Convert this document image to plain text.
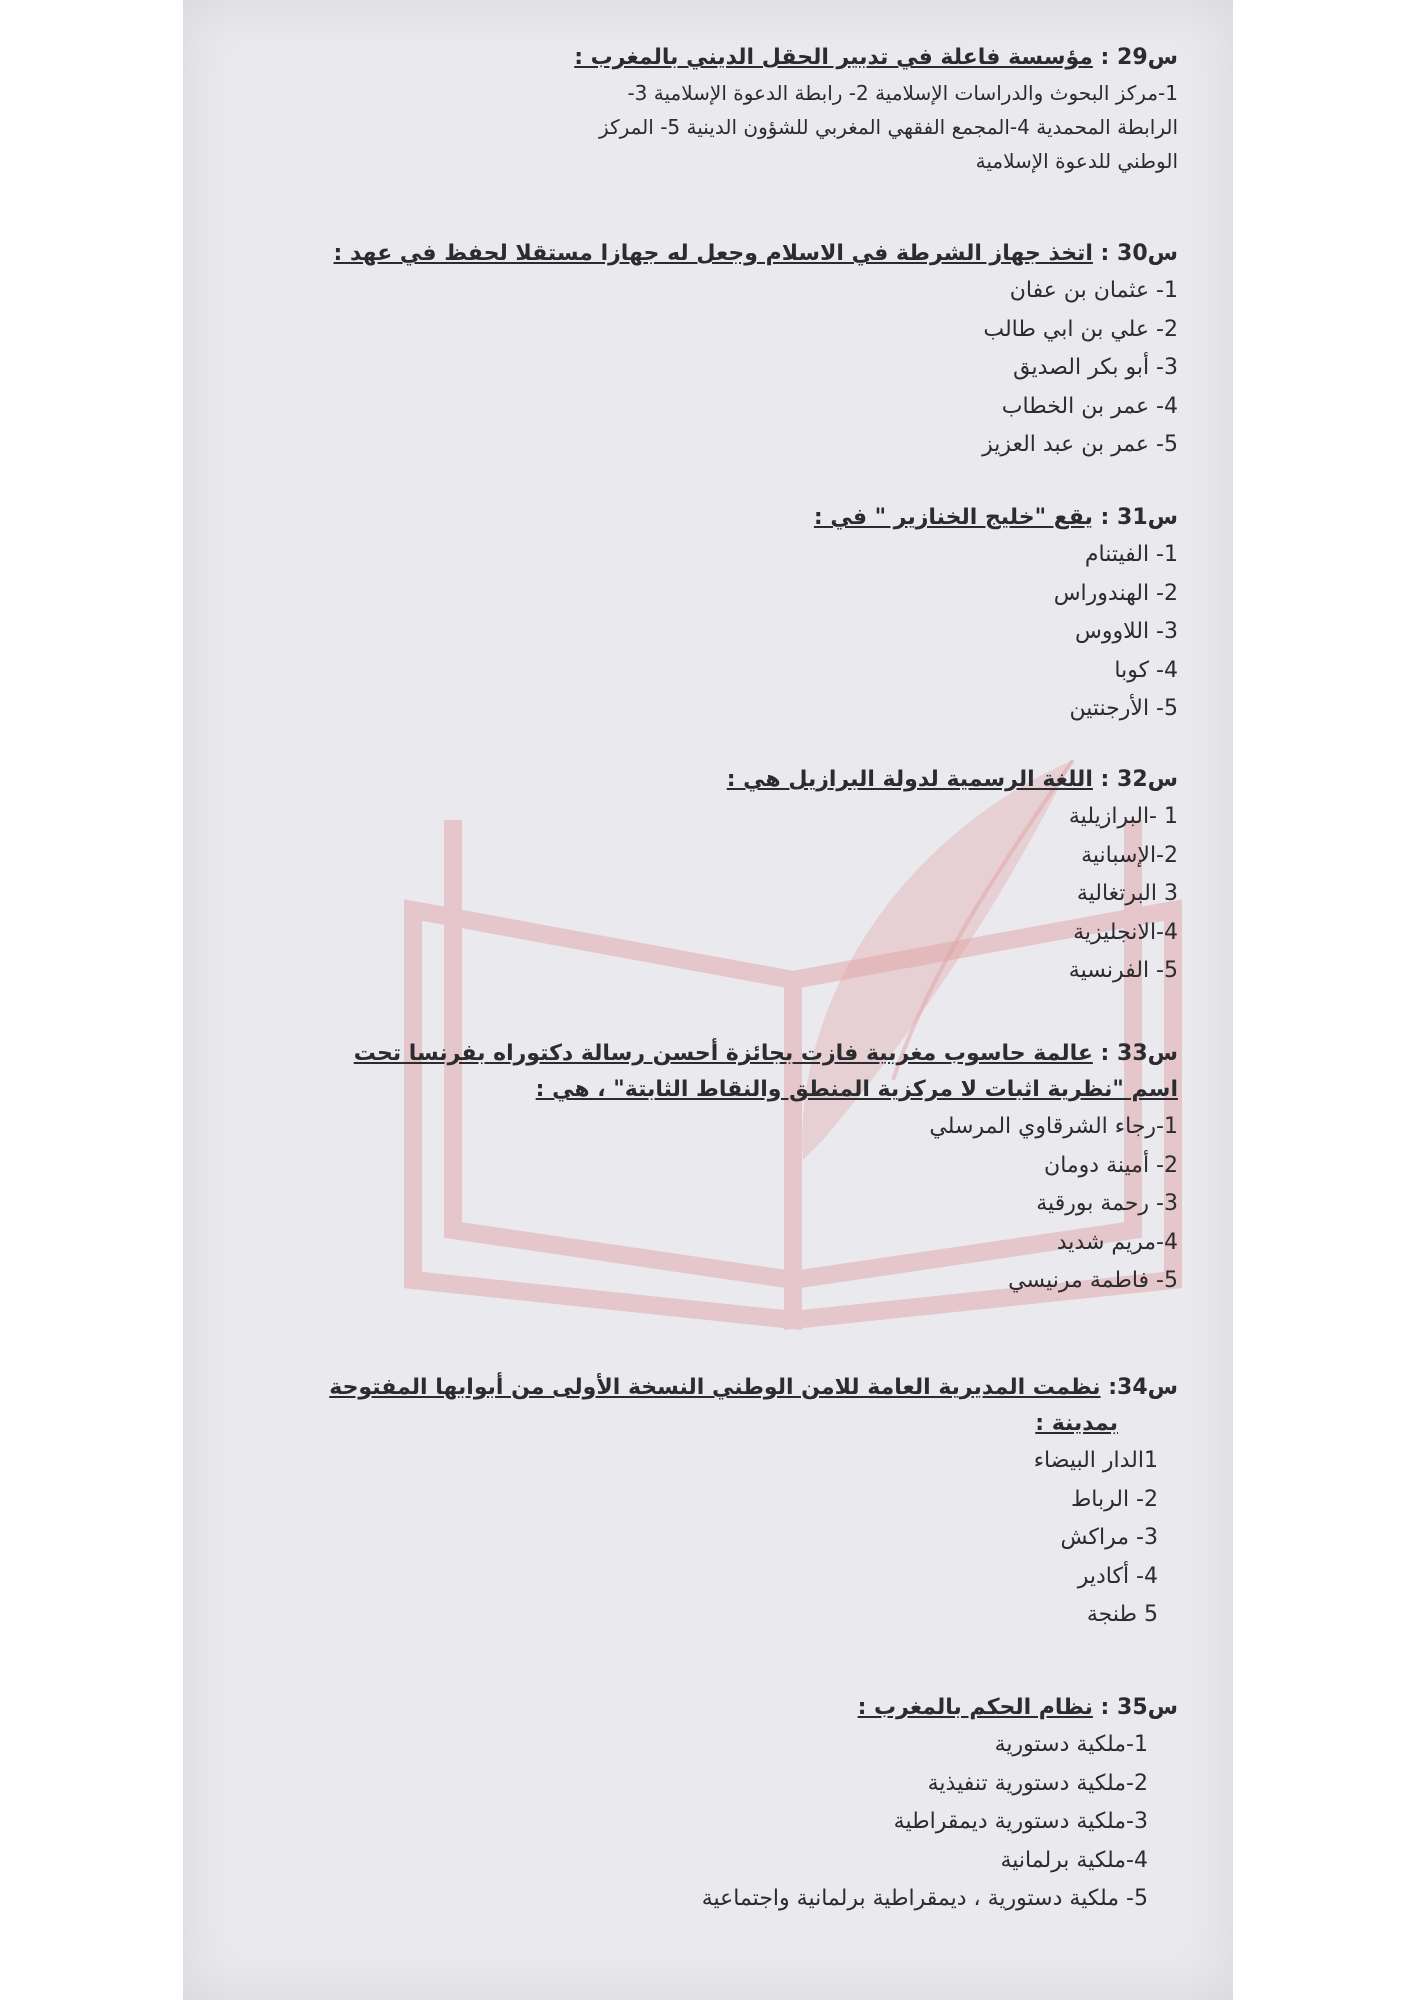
س29 : مؤسسة فاعلة في تدبير الحقل الديني بالمغرب :
1-مركز البحوث والدراسات الإسلامية 2- رابطة الدعوة الإسلامية 3-
الرابطة المحمدية 4-المجمع الفقهي المغربي للشؤون الدينية 5- المركز
الوطني للدعوة الإسلامية
س30 : اتخذ جهاز الشرطة في الاسلام وجعل له جهازا مستقلا لحفظ في عهد :
1- عثمان بن عفان
2- علي بن ابي طالب
3- أبو بكر الصديق
4- عمر بن الخطاب
5- عمر بن عبد العزيز
س31 : يقع "خليج الخنازير " في :
1- الفيتنام
2- الهندوراس
3- اللاووس
4- كوبا
5- الأرجنتين
س32 : اللغة الرسمية لدولة البرازيل هي :
1 -البرازيلية
2-الإسبانية
3 البرتغالية
4-الانجليزية
5- الفرنسية
س33 : عالمة حاسوب مغربية فازت بجائزة أحسن رسالة دكتوراه بفرنسا تحت
اسم "نظرية اثبات لا مركزية المنطق والنقاط الثابتة" ، هي :
1-رجاء الشرقاوي المرسلي
2- أمينة دومان
3- رحمة بورقية
4-مريم شديد
5- فاطمة مرنيسي
س34: نظمت المديرية العامة للامن الوطني النسخة الأولى من أبوابها المفتوحة
بمدينة :
1الدار البيضاء
2- الرباط
3- مراكش
4- أكادير
5 طنجة
س35 : نظام الحكم بالمغرب :
1-ملكية دستورية
2-ملكية دستورية تنفيذية
3-ملكية دستورية ديمقراطية
4-ملكية برلمانية
5- ملكية دستورية ، ديمقراطية برلمانية واجتماعية
